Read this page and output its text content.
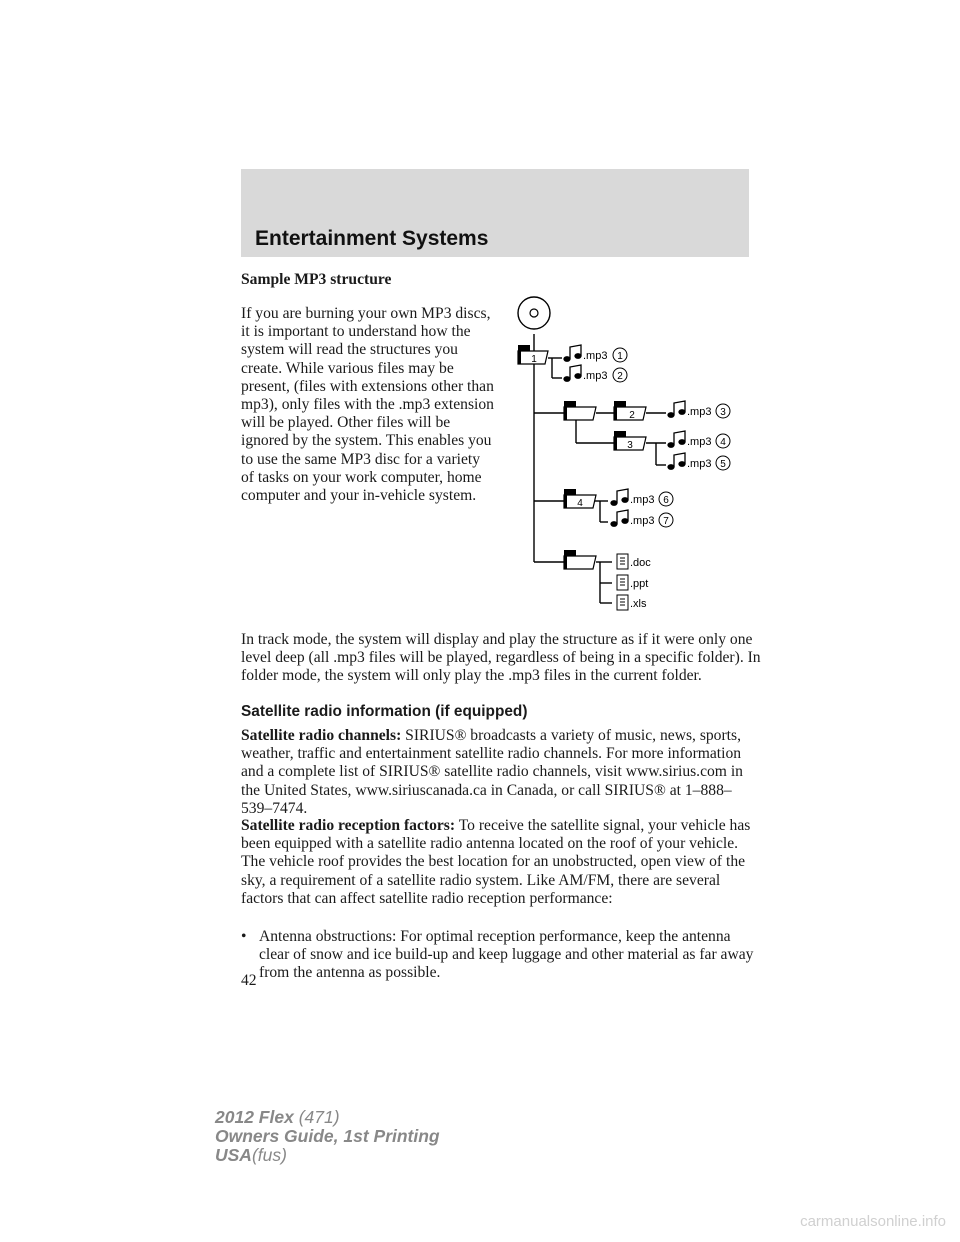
Entertainment Systems
Sample MP3 structure
If you are burning your own MP3 discs, it is important to understand how the system will read the structures you create. While various files may be present, (files with extensions other than mp3), only files with the .mp3 extension will be played. Other files will be ignored by the system. This enables you to use the same MP3 disc for a variety of tasks on your work computer, home computer and your in-vehicle system.
1
2
3
4
.mp3 1
.mp3 2
.mp3 3
.mp3 4
.mp3 5
.mp3 6
.mp3 7
.doc
.ppt
.xls
In track mode, the system will display and play the structure as if it were only one level deep (all .mp3 files will be played, regardless of being in a specific folder). In folder mode, the system will only play the .mp3 files in the current folder.
Satellite radio information (if equipped)
Satellite radio channels: SIRIUS® broadcasts a variety of music, news, sports, weather, traffic and entertainment satellite radio channels. For more information and a complete list of SIRIUS® satellite radio channels, visit www.sirius.com in the United States, www.siriuscanada.ca in Canada, or call SIRIUS® at 1–888–539–7474.
Satellite radio reception factors: To receive the satellite signal, your vehicle has been equipped with a satellite radio antenna located on the roof of your vehicle. The vehicle roof provides the best location for an unobstructed, open view of the sky, a requirement of a satellite radio system. Like AM/FM, there are several factors that can affect satellite radio reception performance:
• Antenna obstructions: For optimal reception performance, keep the antenna clear of snow and ice build-up and keep luggage and other material as far away from the antenna as possible.
42
2012 Flex (471)
Owners Guide, 1st Printing
USA(fus)
carmanualsonline.info
